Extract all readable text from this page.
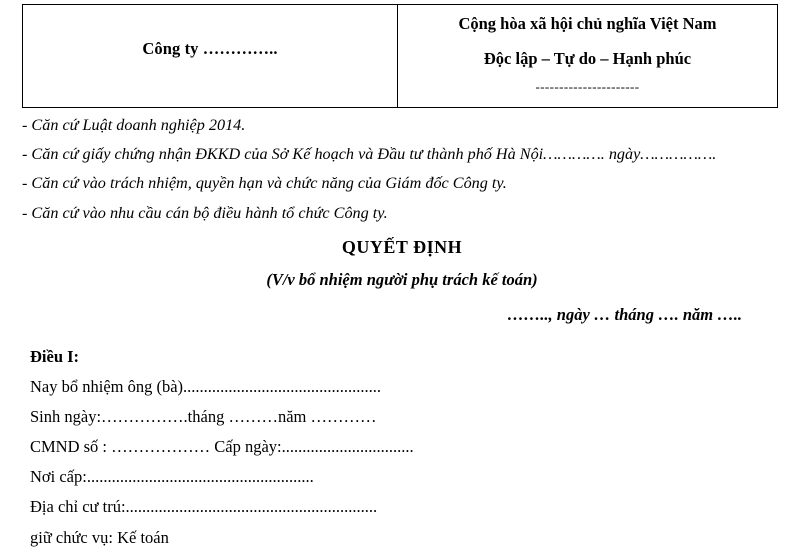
Công ty …………..
Cộng hòa xã hội chủ nghĩa Việt Nam
Độc lập – Tự do – Hạnh phúc
----------------------
- Căn cứ Luật doanh nghiệp 2014.
- Căn cứ giấy chứng nhận ĐKKD của Sở Kế hoạch và Đầu tư thành phố Hà Nội…………. ngày…………….
- Căn cứ vào trách nhiệm, quyền hạn và chức năng của Giám đốc Công ty.
- Căn cứ vào nhu cầu cán bộ điều hành tổ chức Công ty.
QUYẾT ĐỊNH
(V/v bổ nhiệm người phụ trách kế toán)
…….., ngày … tháng …. năm …..
Điều I:
Nay bổ nhiệm ông (bà)................................................
Sinh ngày:…………….tháng ………năm …………
CMND số : ……………… Cấp ngày:................................
Nơi cấp:.......................................................
Địa chỉ cư trú:.............................................................
giữ chức vụ: Kế toán
